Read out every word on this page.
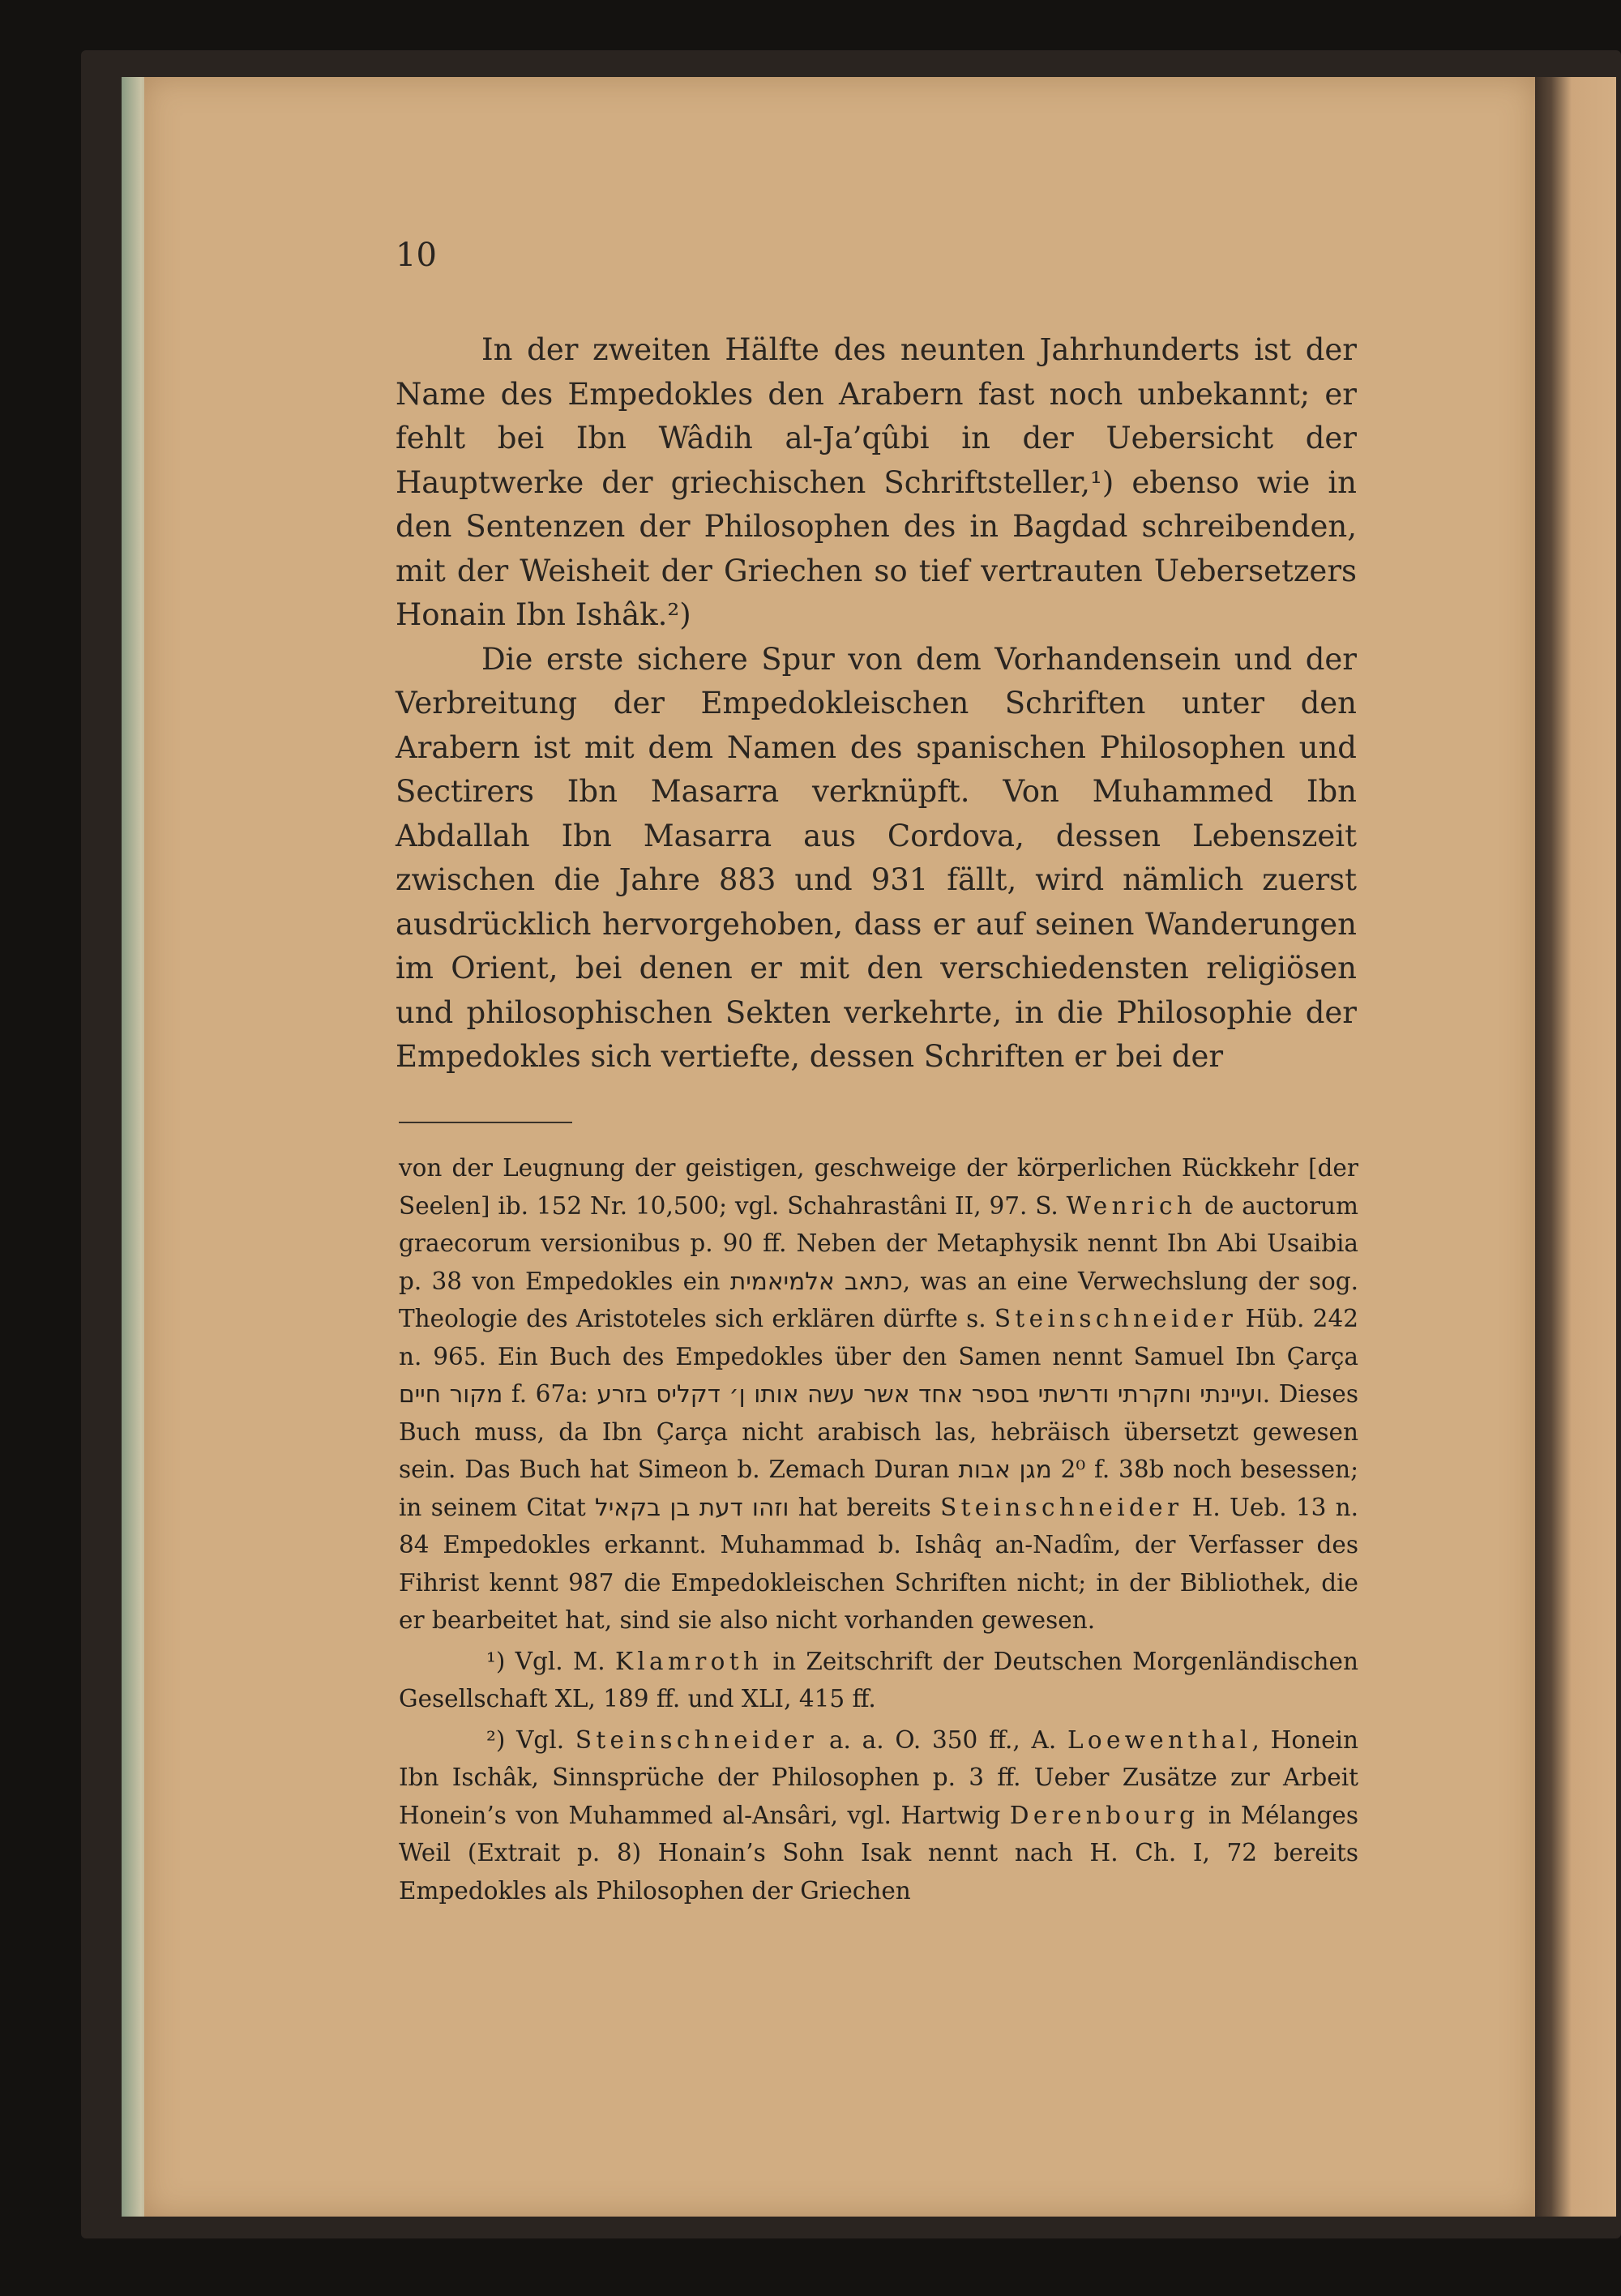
10

In der zweiten Hälfte des neunten Jahrhunderts ist der Name des Empedokles den Arabern fast noch unbekannt; er fehlt bei Ibn Wâdih al-Ja’qûbi in der Uebersicht der Hauptwerke der griechischen Schriftsteller,¹) ebenso wie in den Sentenzen der Philosophen des in Bagdad schreibenden, mit der Weisheit der Griechen so tief vertrauten Uebersetzers Honain Ibn Ishâk.²)

Die erste sichere Spur von dem Vorhandensein und der Verbreitung der Empedokleischen Schriften unter den Arabern ist mit dem Namen des spanischen Philosophen und Sectirers Ibn Masarra verknüpft. Von Muhammed Ibn Abdallah Ibn Masarra aus Cordova, dessen Lebenszeit zwischen die Jahre 883 und 931 fällt, wird nämlich zuerst ausdrücklich hervorgehoben, dass er auf seinen Wanderungen im Orient, bei denen er mit den verschiedensten religiösen und philosophischen Sekten verkehrte, in die Philosophie der Empedokles sich vertiefte, dessen Schriften er bei der

von der Leugnung der geistigen, geschweige der körperlichen Rückkehr [der Seelen] ib. 152 Nr. 10,500; vgl. Schahrastâni II, 97. S. Wenrich de auctorum graecorum versionibus p. 90 ff. Neben der Metaphysik nennt Ibn Abi Usaibia p. 38 von Empedokles ein כתאב אלמיאמית, was an eine Verwechslung der sog. Theologie des Aristoteles sich erklären dürfte s. Steinschneider Hüb. 242 n. 965. Ein Buch des Empedokles über den Samen nennt Samuel Ibn Çarça מקור חיים f. 67a: ועיינתי וחקרתי ודרשתי בספר אחד אשר עשה אותו ן׳ דקליס בזרע. Dieses Buch muss, da Ibn Çarça nicht arabisch las, hebräisch übersetzt gewesen sein. Das Buch hat Simeon b. Zemach Duran מגן אבות 2⁰ f. 38b noch besessen; in seinem Citat וזהו דעת בן בקאיל hat bereits Steinschneider H. Ueb. 13 n. 84 Empedokles erkannt. Muhammad b. Ishâq an-Nadîm, der Verfasser des Fihrist kennt 987 die Empedokleischen Schriften nicht; in der Bibliothek, die er bearbeitet hat, sind sie also nicht vorhanden gewesen.

¹) Vgl. M. Klamroth in Zeitschrift der Deutschen Morgenländischen Gesellschaft XL, 189 ff. und XLI, 415 ff.

²) Vgl. Steinschneider a. a. O. 350 ff., A. Loewenthal, Honein Ibn Ischâk, Sinnsprüche der Philosophen p. 3 ff. Ueber Zusätze zur Arbeit Honein’s von Muhammed al-Ansâri, vgl. Hartwig Derenbourg in Mélanges Weil (Extrait p. 8) Honain’s Sohn Isak nennt nach H. Ch. I, 72 bereits Empedokles als Philosophen der Griechen
